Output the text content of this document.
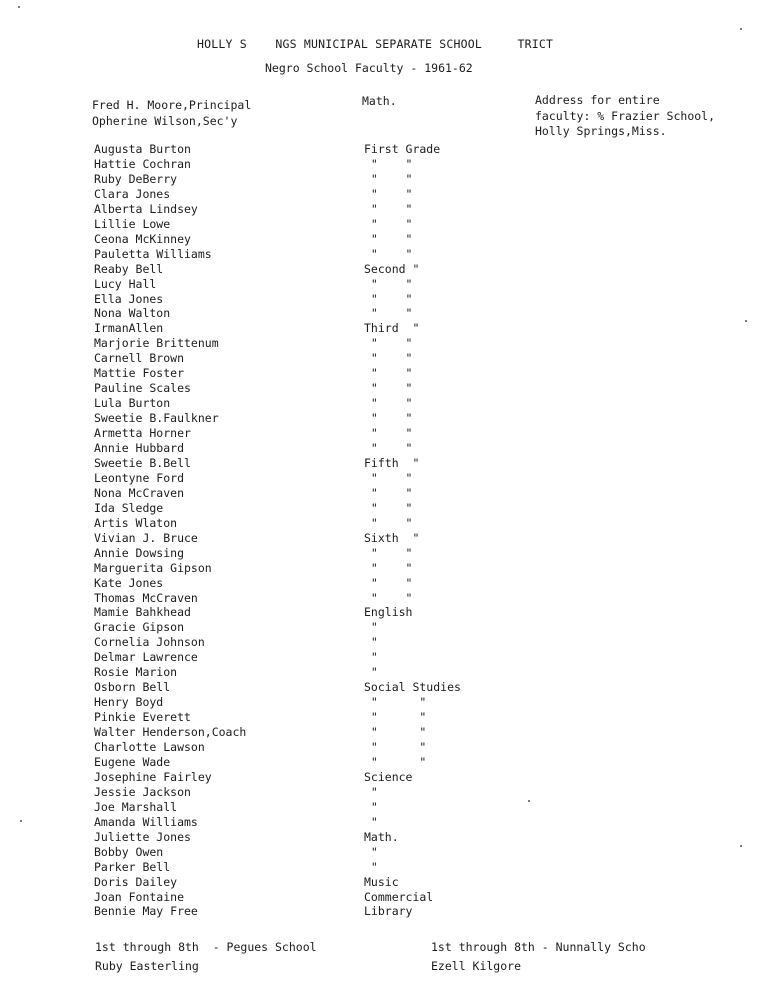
HOLLY S    NGS MUNICIPAL SEPARATE SCHOOL     TRICT
Negro School Faculty - 1961-62
Fred H. Moore,Principal
Opherine Wilson,Sec'y
Math.	Address for entire
faculty: % Frazier School,
Holly Springs,Miss.
Augusta Burton	First Grade
Hattie Cochran	"    "
Ruby DeBerry	"    "
Clara Jones	"    "
Alberta Lindsey	"    "
Lillie Lowe	"    "
Ceona McKinney	"    "
Pauletta Williams	"    "
Reaby Bell	Second "
Lucy Hall	"    "
Ella Jones	"    "
Nona Walton	"    "
IrmanAllen	Third  "
Marjorie Brittenum	"    "
Carnell Brown	"    "
Mattie Foster	"    "
Pauline Scales	"    "
Lula Burton	"    "
Sweetie B.Faulkner	"    "
Armetta Horner	"    "
Annie Hubbard	"    "
Sweetie B.Bell	Fifth  "
Leontyne Ford	"    "
Nona McCraven	"    "
Ida Sledge	"    "
Artis Wlaton	"    "
Vivian J. Bruce	Sixth  "
Annie Dowsing	"    "
Marguerita Gipson	"    "
Kate Jones	"    "
Thomas McCraven	"    "
Mamie Bahkhead	English
Gracie Gipson	"
Cornelia Johnson	"
Delmar Lawrence	"
Rosie Marion	"
Osborn Bell	Social Studies
Henry Boyd	"      "
Pinkie Everett	"      "
Walter Henderson,Coach	"      "
Charlotte Lawson	"      "
Eugene Wade	"      "
Josephine Fairley	Science
Jessie Jackson	"
Joe Marshall	"
Amanda Williams	"
Juliette Jones	Math.
Bobby Owen	"
Parker Bell	"
Doris Dailey	Music
Joan Fontaine	Commercial
Bennie May Free	Library
1st through 8th  - Pegues School
Ruby Easterling
1st through 8th - Nunnally Scho
Ezell Kilgore
